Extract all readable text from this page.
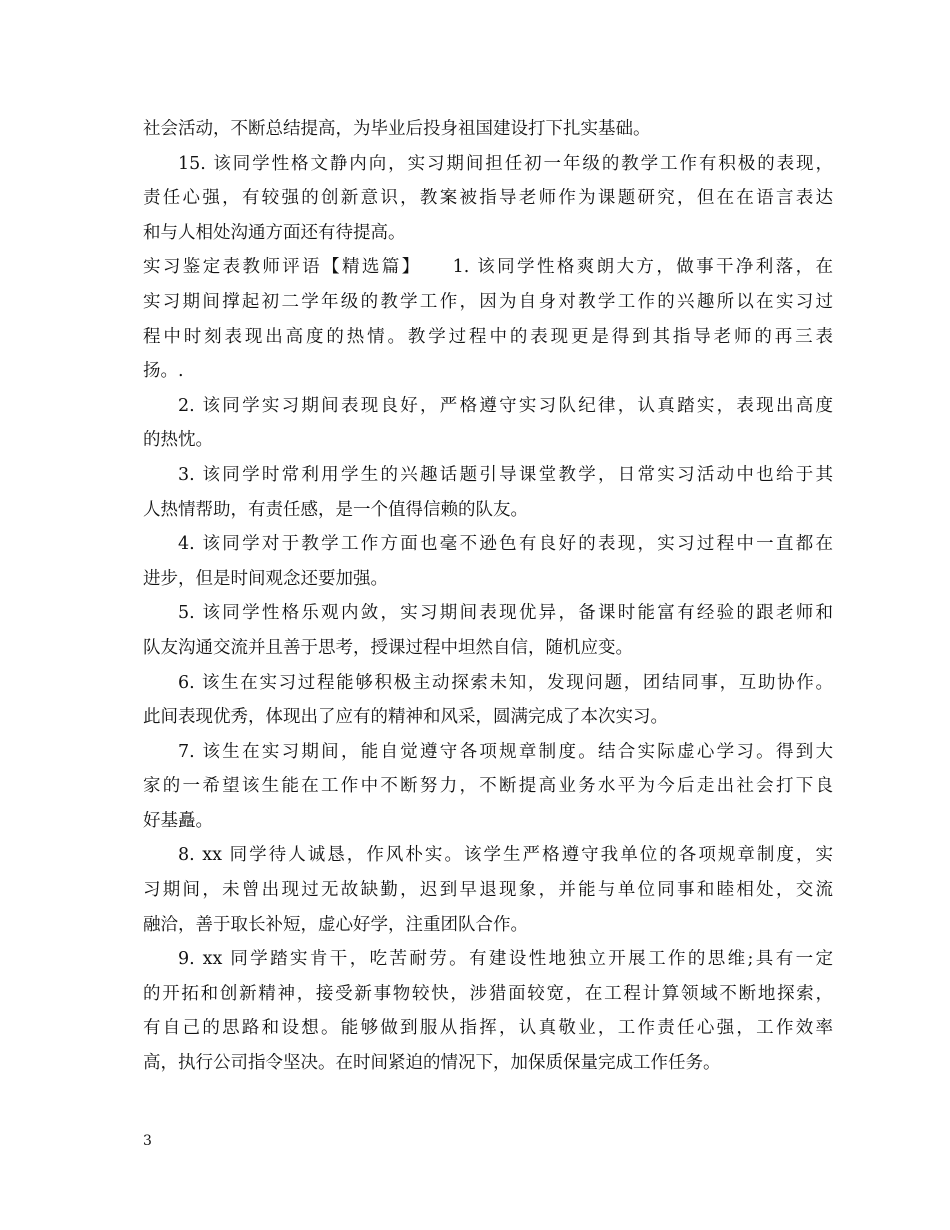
社会活动，不断总结提高，为毕业后投身祖国建设打下扎实基础。
15. 该同学性格文静内向，实习期间担任初一年级的教学工作有积极的表现，
责任心强，有较强的创新意识，教案被指导老师作为课题研究，但在在语言表达
和与人相处沟通方面还有待提高。
实习鉴定表教师评语【精选篇】　　1. 该同学性格爽朗大方，做事干净利落，在
实习期间撑起初二学年级的教学工作，因为自身对教学工作的兴趣所以在实习过
程中时刻表现出高度的热情。教学过程中的表现更是得到其指导老师的再三表
扬。.
2. 该同学实习期间表现良好，严格遵守实习队纪律，认真踏实，表现出高度
的热忱。
3. 该同学时常利用学生的兴趣话题引导课堂教学，日常实习活动中也给于其
人热情帮助，有责任感，是一个值得信赖的队友。
4. 该同学对于教学工作方面也毫不逊色有良好的表现，实习过程中一直都在
进步，但是时间观念还要加强。
5. 该同学性格乐观内敛，实习期间表现优异，备课时能富有经验的跟老师和
队友沟通交流并且善于思考，授课过程中坦然自信，随机应变。
6. 该生在实习过程能够积极主动探索未知，发现问题，团结同事，互助协作。
此间表现优秀，体现出了应有的精神和风采，圆满完成了本次实习。
7. 该生在实习期间，能自觉遵守各项规章制度。结合实际虚心学习。得到大
家的一希望该生能在工作中不断努力，不断提高业务水平为今后走出社会打下良
好基矗。
8. xx 同学待人诚恳，作风朴实。该学生严格遵守我单位的各项规章制度，实
习期间，未曾出现过无故缺勤，迟到早退现象，并能与单位同事和睦相处，交流
融洽，善于取长补短，虚心好学，注重团队合作。
9. xx 同学踏实肯干，吃苦耐劳。有建设性地独立开展工作的思维;具有一定
的开拓和创新精神，接受新事物较快，涉猎面较宽，在工程计算领域不断地探索，
有自己的思路和设想。能够做到服从指挥，认真敬业，工作责任心强，工作效率
高，执行公司指令坚决。在时间紧迫的情况下，加保质保量完成工作任务。
3
